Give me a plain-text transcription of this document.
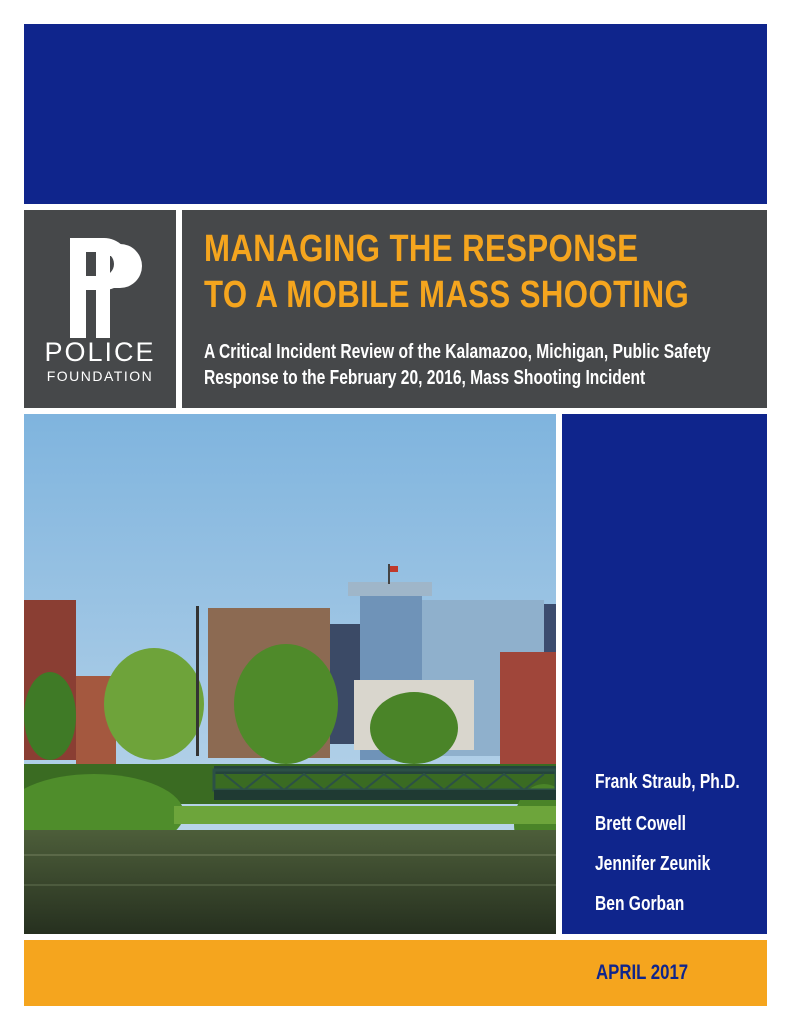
POLICE
FOUNDATION
MANAGING THE RESPONSE
TO A MOBILE MASS SHOOTING
A Critical Incident Review of the Kalamazoo, Michigan, Public Safety
Response to the February 20, 2016, Mass Shooting Incident
Frank Straub, Ph.D.
Brett Cowell
Jennifer Zeunik
Ben Gorban
APRIL 2017
